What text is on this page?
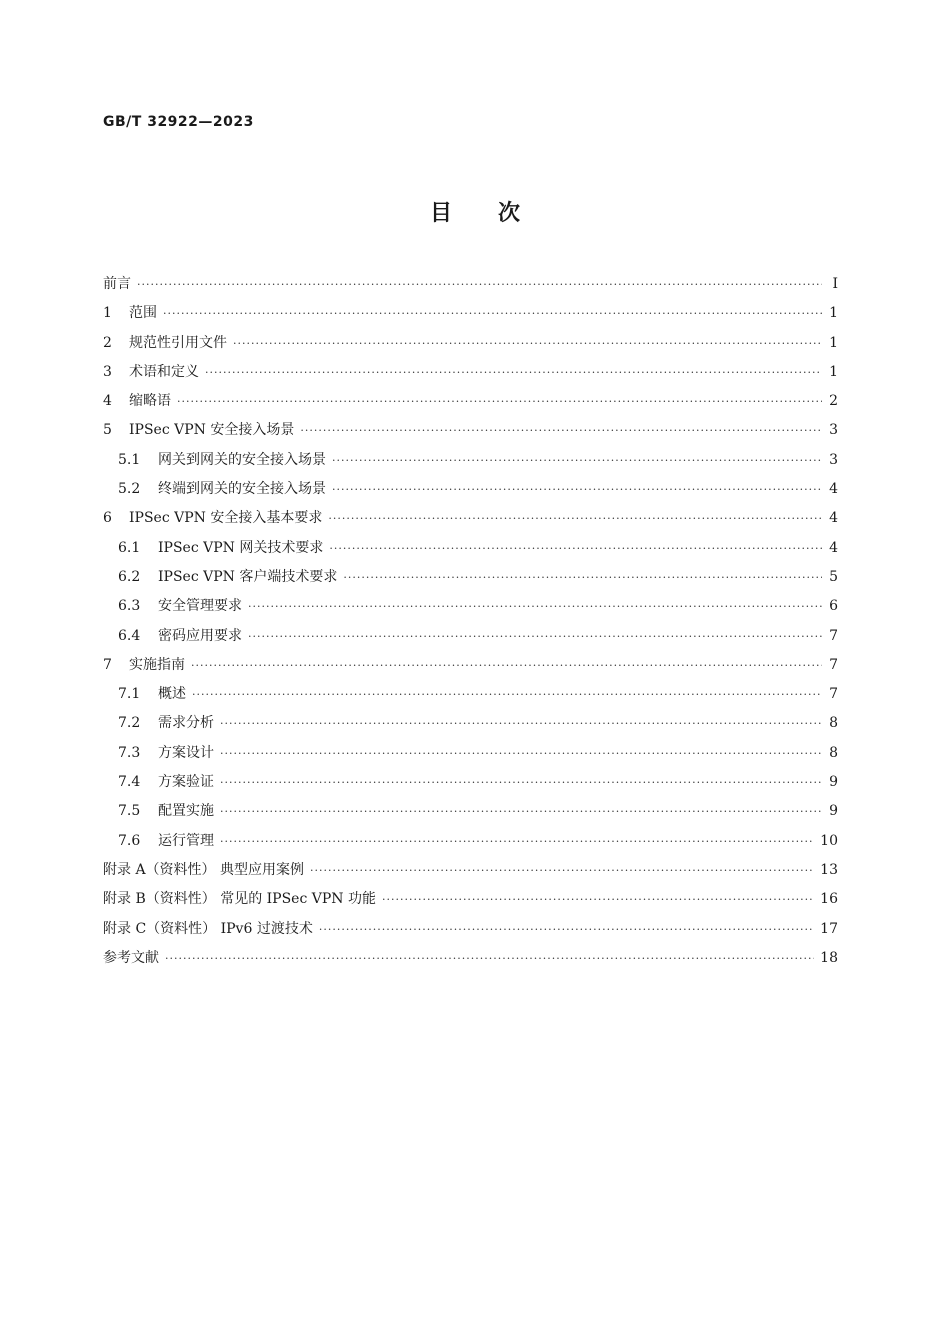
GB/T 32922—2023
目次
前言 ·····	Ⅰ
1	范围 ·····	1
2	规范性引用文件 ·····	1
3	术语和定义 ·····	1
4	缩略语 ·····	2
5	IPSec VPN 安全接入场景 ·····	3
5.1	网关到网关的安全接入场景 ·····	3
5.2	终端到网关的安全接入场景 ·····	4
6	IPSec VPN 安全接入基本要求 ·····	4
6.1	IPSec VPN 网关技术要求 ·····	4
6.2	IPSec VPN 客户端技术要求 ·····	5
6.3	安全管理要求 ·····	6
6.4	密码应用要求 ·····	7
7	实施指南 ·····	7
7.1	概述 ·····	7
7.2	需求分析 ·····	8
7.3	方案设计 ·····	8
7.4	方案验证 ·····	9
7.5	配置实施 ·····	9
7.6	运行管理 ·····	10
附录 A（资料性） 典型应用案例 ·····	13
附录 B（资料性） 常见的 IPSec VPN 功能 ·····	16
附录 C（资料性） IPv6 过渡技术 ·····	17
参考文献 ·····	18
